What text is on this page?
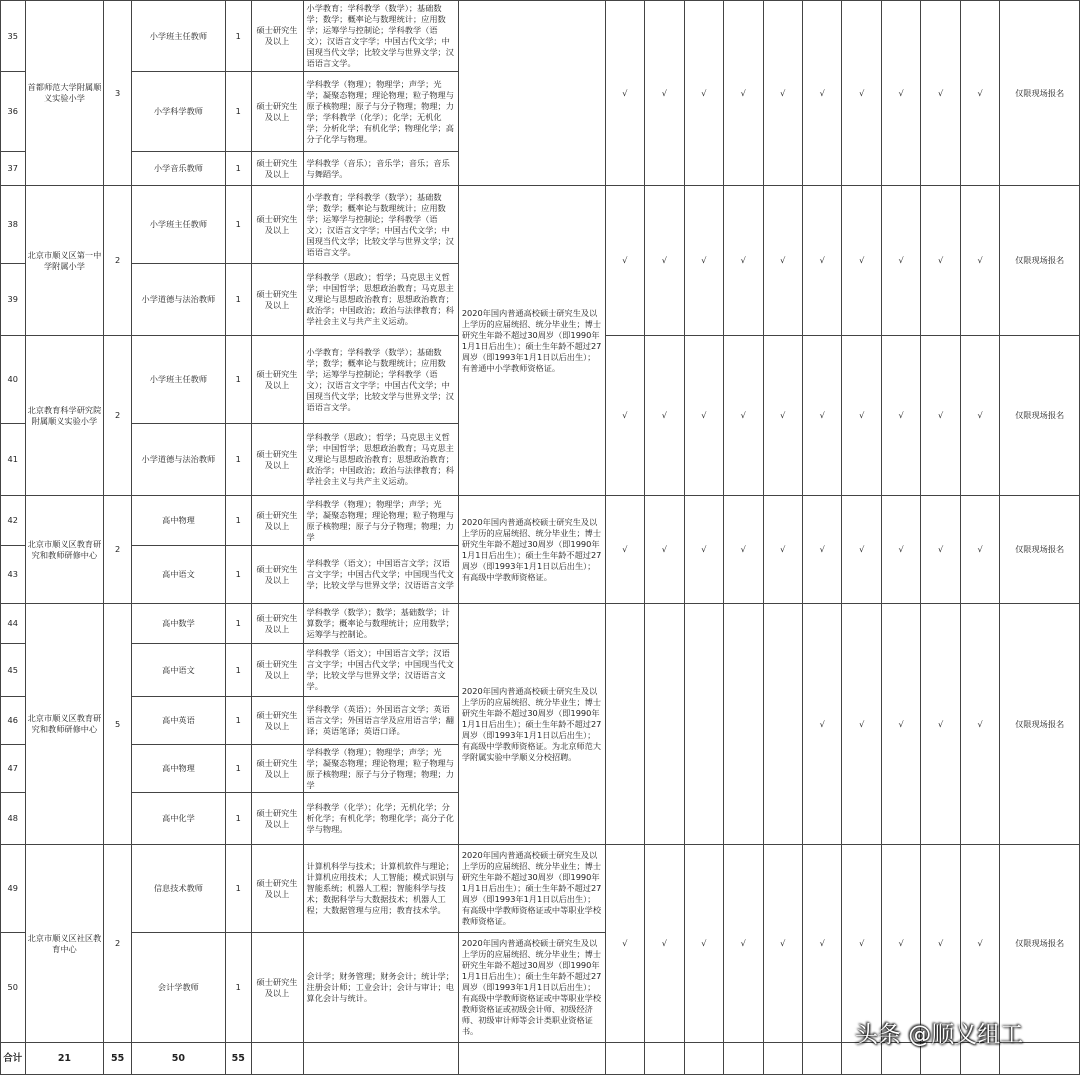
35	首都师范大学附属顺义实验小学	3	小学班主任教师	1	硕士研究生及以上	小学教育；学科教学（数学）；基础数学；数学；概率论与数理统计；应用数学；运筹学与控制论；学科教学（语文）；汉语言文字学；中国古代文学；中国现当代文学；比较文学与世界文学；汉语语言文学。		√	√	√	√	√	√	√	√	√	√	仅限现场报名
36			小学科学教师	1	硕士研究生及以上	学科教学（物理）；物理学；声学；光学；凝聚态物理；理论物理；粒子物理与原子核物理；原子与分子物理；物理；力学；学科教学（化学）；化学；无机化学；分析化学；有机化学；物理化学；高分子化学与物理。												
37			小学音乐教师	1	硕士研究生及以上	学科教学（音乐）；音乐学；音乐；音乐与舞蹈学。												
38	北京市顺义区第一中学附属小学	2	小学班主任教师	1	硕士研究生及以上	小学教育；学科教学（数学）；基础数学；数学；概率论与数理统计；应用数学；运筹学与控制论；学科教学（语文）；汉语言文字学；中国古代文学；中国现当代文学；比较文学与世界文学；汉语语言文学。	2020年国内普通高校硕士研究生及以上学历的应届统招、统分毕业生；博士研究生年龄不超过30周岁（即1990年1月1日后出生）；硕士生年龄不超过27周岁（即1993年1月1日以后出生）；有普通中小学教师资格证。	√	√	√	√	√	√	√	√	√	√	仅限现场报名
39			小学道德与法治教师	1	硕士研究生及以上	学科教学（思政）；哲学；马克思主义哲学；中国哲学；思想政治教育；马克思主义理论与思想政治教育；思想政治教育；政治学；中国政治；政治与法律教育；科学社会主义与共产主义运动。												
40	北京教育科学研究院附属顺义实验小学	2	小学班主任教师	1	硕士研究生及以上	小学教育；学科教学（数学）；基础数学；数学；概率论与数理统计；应用数学；运筹学与控制论；学科教学（语文）；汉语言文字学；中国古代文学；中国现当代文学；比较文学与世界文学；汉语语言文学。		√	√	√	√	√	√	√	√	√	√	仅限现场报名
41			小学道德与法治教师	1	硕士研究生及以上	学科教学（思政）；哲学；马克思主义哲学；中国哲学；思想政治教育；马克思主义理论与思想政治教育；思想政治教育；政治学；中国政治；政治与法律教育；科学社会主义与共产主义运动。												
42	北京市顺义区教育研究和教师研修中心	2	高中物理	1	硕士研究生及以上	学科教学（物理）；物理学；声学；光学；凝聚态物理；理论物理；粒子物理与原子核物理；原子与分子物理；物理；力学	2020年国内普通高校硕士研究生及以上学历的应届统招、统分毕业生；博士研究生年龄不超过30周岁（即1990年1月1日后出生）；硕士生年龄不超过27周岁（即1993年1月1日以后出生）；有高级中学教师资格证。	√	√	√	√	√	√	√	√	√	√	仅限现场报名
43			高中语文	1	硕士研究生及以上	学科教学（语文）；中国语言文学；汉语言文字学；中国古代文学；中国现当代文学；比较文学与世界文学；汉语语言文学												
44	北京市顺义区教育研究和教师研修中心	5	高中数学	1	硕士研究生及以上	学科教学（数学）；数学；基础数学；计算数学；概率论与数理统计；应用数学；运筹学与控制论。	2020年国内普通高校硕士研究生及以上学历的应届统招、统分毕业生；博士研究生年龄不超过30周岁（即1990年1月1日后出生）；硕士生年龄不超过27周岁（即1993年1月1日以后出生）；有高级中学教师资格证。为北京师范大学附属实验中学顺义分校招聘。						√	√	√	√	√	仅限现场报名
45			高中语文	1	硕士研究生及以上	学科教学（语文）；中国语言文学；汉语言文字学；中国古代文学；中国现当代文学；比较文学与世界文学；汉语语言文学。												
46			高中英语	1	硕士研究生及以上	学科教学（英语）；外国语言文学；英语语言文学；外国语言学及应用语言学；翻译；英语笔译；英语口译。												
47			高中物理	1	硕士研究生及以上	学科教学（物理）；物理学；声学；光学；凝聚态物理；理论物理；粒子物理与原子核物理；原子与分子物理；物理；力学												
48			高中化学	1	硕士研究生及以上	学科教学（化学）；化学；无机化学；分析化学；有机化学；物理化学；高分子化学与物理。												
49	北京市顺义区社区教育中心	2	信息技术教师	1	硕士研究生及以上	计算机科学与技术；计算机软件与理论；计算机应用技术；人工智能；模式识别与智能系统；机器人工程；智能科学与技术；数据科学与大数据技术；机器人工程；大数据管理与应用；教育技术学。	2020年国内普通高校硕士研究生及以上学历的应届统招、统分毕业生；博士研究生年龄不超过30周岁（即1990年1月1日后出生）；硕士生年龄不超过27周岁（即1993年1月1日以后出生）；有高级中学教师资格证或中等职业学校教师资格证。	√	√	√	√	√	√	√	√	√	√	仅限现场报名
50			会计学教师	1	硕士研究生及以上	会计学；财务管理；财务会计；统计学；注册会计师；工业会计；会计与审计；电算化会计与统计。	2020年国内普通高校硕士研究生及以上学历的应届统招、统分毕业生；博士研究生年龄不超过30周岁（即1990年1月1日后出生）；硕士生年龄不超过27周岁（即1993年1月1日以后出生）；有高级中学教师资格证或中等职业学校教师资格证或初级会计师、初级经济师、初级审计师等会计类职业资格证书。											
合计	21	55	50	55														
头条 @顺义组工
